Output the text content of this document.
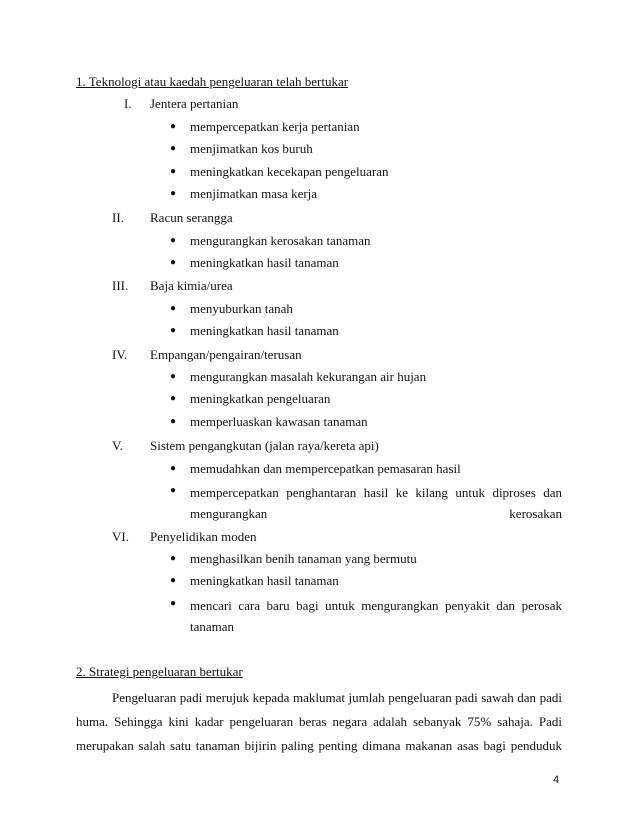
1. Teknologi atau kaedah pengeluaran telah bertukar
I. Jentera pertanian
● mempercepatkan kerja pertanian
● menjimatkan kos buruh
● meningkatkan kecekapan pengeluaran
● menjimatkan masa kerja
II. Racun serangga
● mengurangkan kerosakan tanaman
● meningkatkan hasil tanaman
III. Baja kimia/urea
● menyuburkan tanah
● meningkatkan hasil tanaman
IV. Empangan/pengairan/terusan
● mengurangkan masalah kekurangan air hujan
● meningkatkan pengeluaran
● memperluaskan kawasan tanaman
V. Sistem pengangkutan (jalan raya/kereta api)
● memudahkan dan mempercepatkan pemasaran hasil
● mempercepatkan penghantaran hasil ke kilang untuk diproses dan mengurangkan kerosakan
VI. Penyelidikan moden
● menghasilkan benih tanaman yang bermutu
● meningkatkan hasil tanaman
● mencari cara baru bagi untuk mengurangkan penyakit dan perosak tanaman
2. Strategi pengeluaran bertukar
Pengeluaran padi merujuk kepada maklumat jumlah pengeluaran padi sawah dan padi
huma. Sehingga kini kadar pengeluaran beras negara adalah sebanyak 75% sahaja. Padi
merupakan salah satu tanaman bijirin paling penting dimana makanan asas bagi penduduk
4
